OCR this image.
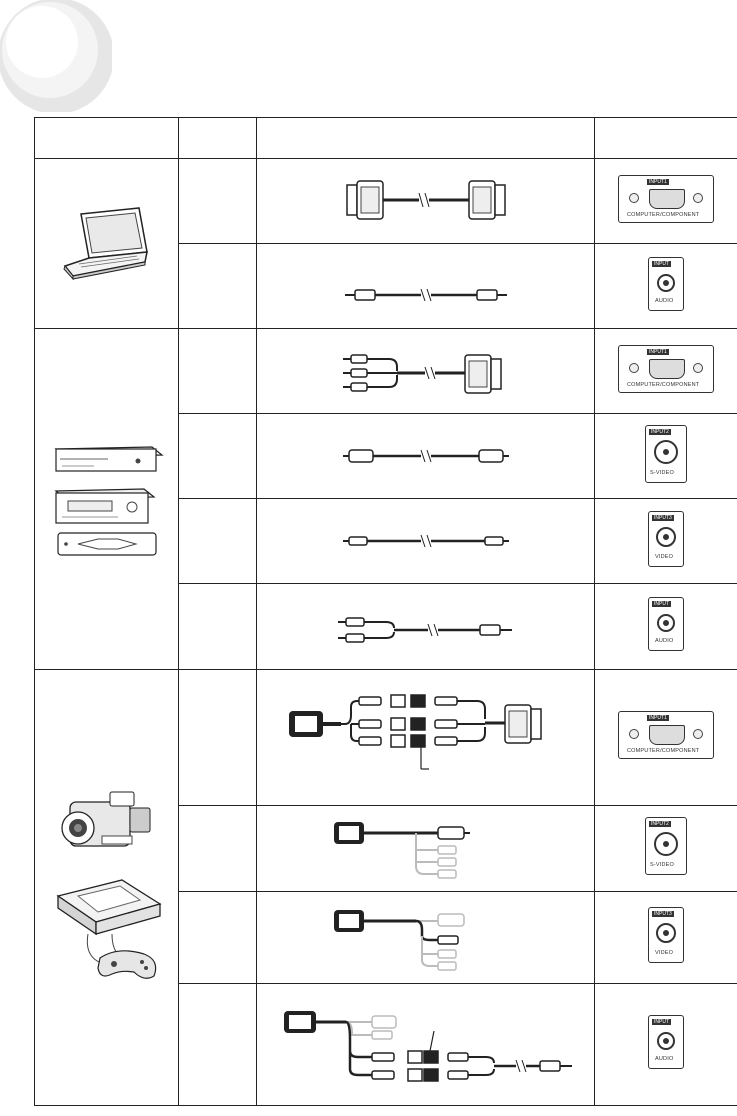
INPUT1
COMPUTER/COMPONENT

INPUT
AUDIO

INPUT1
COMPUTER/COMPONENT

INPUT2
S-VIDEO

INPUT3
VIDEO

INPUT
AUDIO

INPUT1
COMPUTER/COMPONENT

INPUT2
S-VIDEO

INPUT3
VIDEO

INPUT
AUDIO
